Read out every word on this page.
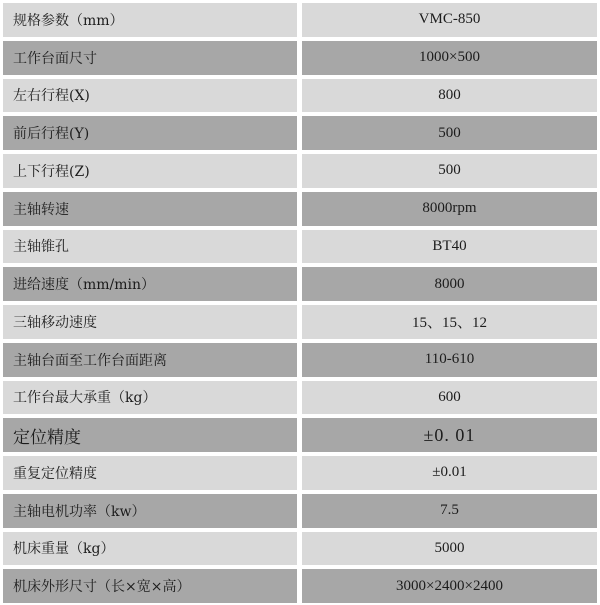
规格参数（mm）	VMC-850
工作台面尺寸	1000×500
左右行程(X)	800
前后行程(Y)	500
上下行程(Z)	500
主轴转速	8000rpm
主轴锥孔	BT40
进给速度（mm/min）	8000
三轴移动速度	15、15、12
主轴台面至工作台面距离	110-610
工作台最大承重（kg）	600
定位精度	±0. 01
重复定位精度	±0.01
主轴电机功率（kw）	7.5
机床重量（kg）	5000
机床外形尺寸（长×宽×高）	3000×2400×2400
